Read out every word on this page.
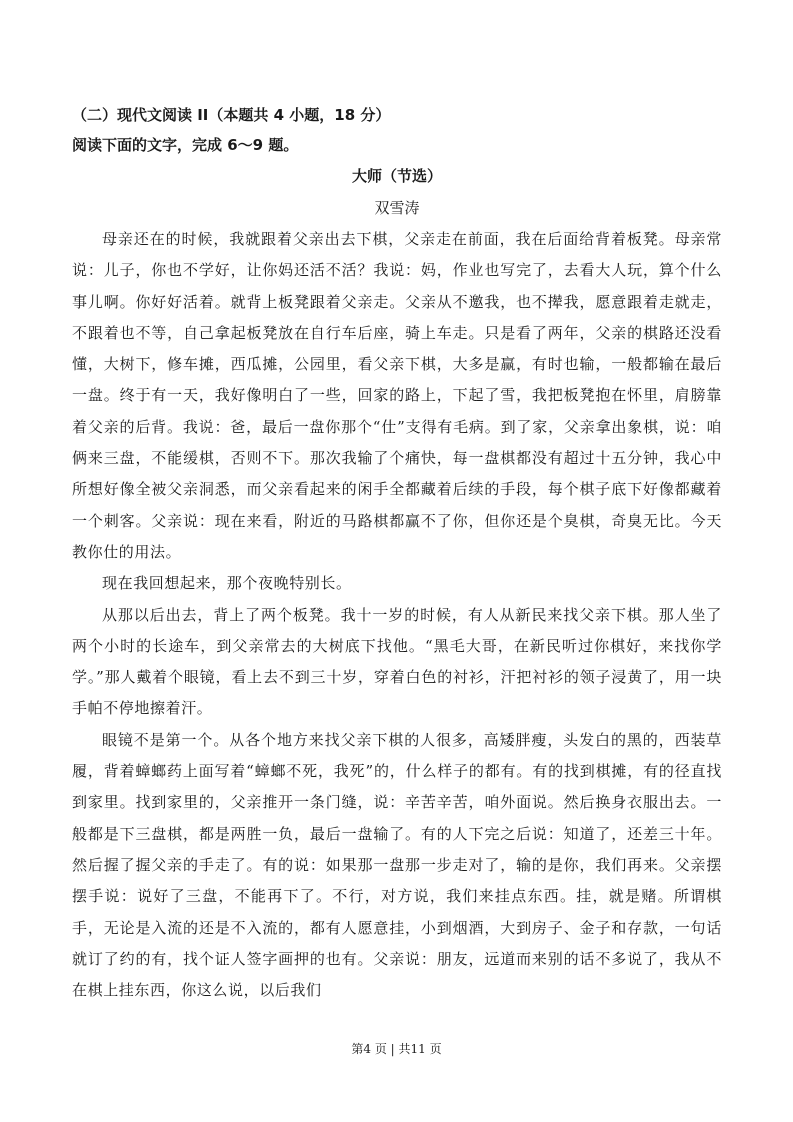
（二）现代文阅读 II（本题共 4 小题，18 分）

阅读下面的文字，完成 6～9 题。

大师（节选）

双雪涛

母亲还在的时候，我就跟着父亲出去下棋，父亲走在前面，我在后面给背着板凳。母亲常说：儿子，你也不学好，让你妈还活不活？我说：妈，作业也写完了，去看大人玩，算个什么事儿啊。你好好活着。就背上板凳跟着父亲走。父亲从不邀我，也不撵我，愿意跟着走就走，不跟着也不等，自己拿起板凳放在自行车后座，骑上车走。只是看了两年，父亲的棋路还没看懂，大树下，修车摊，西瓜摊，公园里，看父亲下棋，大多是赢，有时也输，一般都输在最后一盘。终于有一天，我好像明白了一些，回家的路上，下起了雪，我把板凳抱在怀里，肩膀靠着父亲的后背。我说：爸，最后一盘你那个“仕”支得有毛病。到了家，父亲拿出象棋，说：咱俩来三盘，不能缓棋，否则不下。那次我输了个痛快，每一盘棋都没有超过十五分钟，我心中所想好像全被父亲洞悉，而父亲看起来的闲手全都藏着后续的手段，每个棋子底下好像都藏着一个刺客。父亲说：现在来看，附近的马路棋都赢不了你，但你还是个臭棋，奇臭无比。今天教你仕的用法。

现在我回想起来，那个夜晚特别长。

从那以后出去，背上了两个板凳。我十一岁的时候，有人从新民来找父亲下棋。那人坐了两个小时的长途车，到父亲常去的大树底下找他。“黑毛大哥，在新民听过你棋好，来找你学学。”那人戴着个眼镜，看上去不到三十岁，穿着白色的衬衫，汗把衬衫的领子浸黄了，用一块手帕不停地擦着汗。

眼镜不是第一个。从各个地方来找父亲下棋的人很多，高矮胖瘦，头发白的黑的，西装草履，背着蟑螂药上面写着“蟑螂不死，我死”的，什么样子的都有。有的找到棋摊，有的径直找到家里。找到家里的，父亲推开一条门缝，说：辛苦辛苦，咱外面说。然后换身衣服出去。一般都是下三盘棋，都是两胜一负，最后一盘输了。有的人下完之后说：知道了，还差三十年。然后握了握父亲的手走了。有的说：如果那一盘那一步走对了，输的是你，我们再来。父亲摆摆手说：说好了三盘，不能再下了。不行，对方说，我们来挂点东西。挂，就是赌。所谓棋手，无论是入流的还是不入流的，都有人愿意挂，小到烟酒，大到房子、金子和存款，一句话就订了约的有，找个证人签字画押的也有。父亲说：朋友，远道而来别的话不多说了，我从不在棋上挂东西，你这么说，以后我们

第4 页 | 共11 页
